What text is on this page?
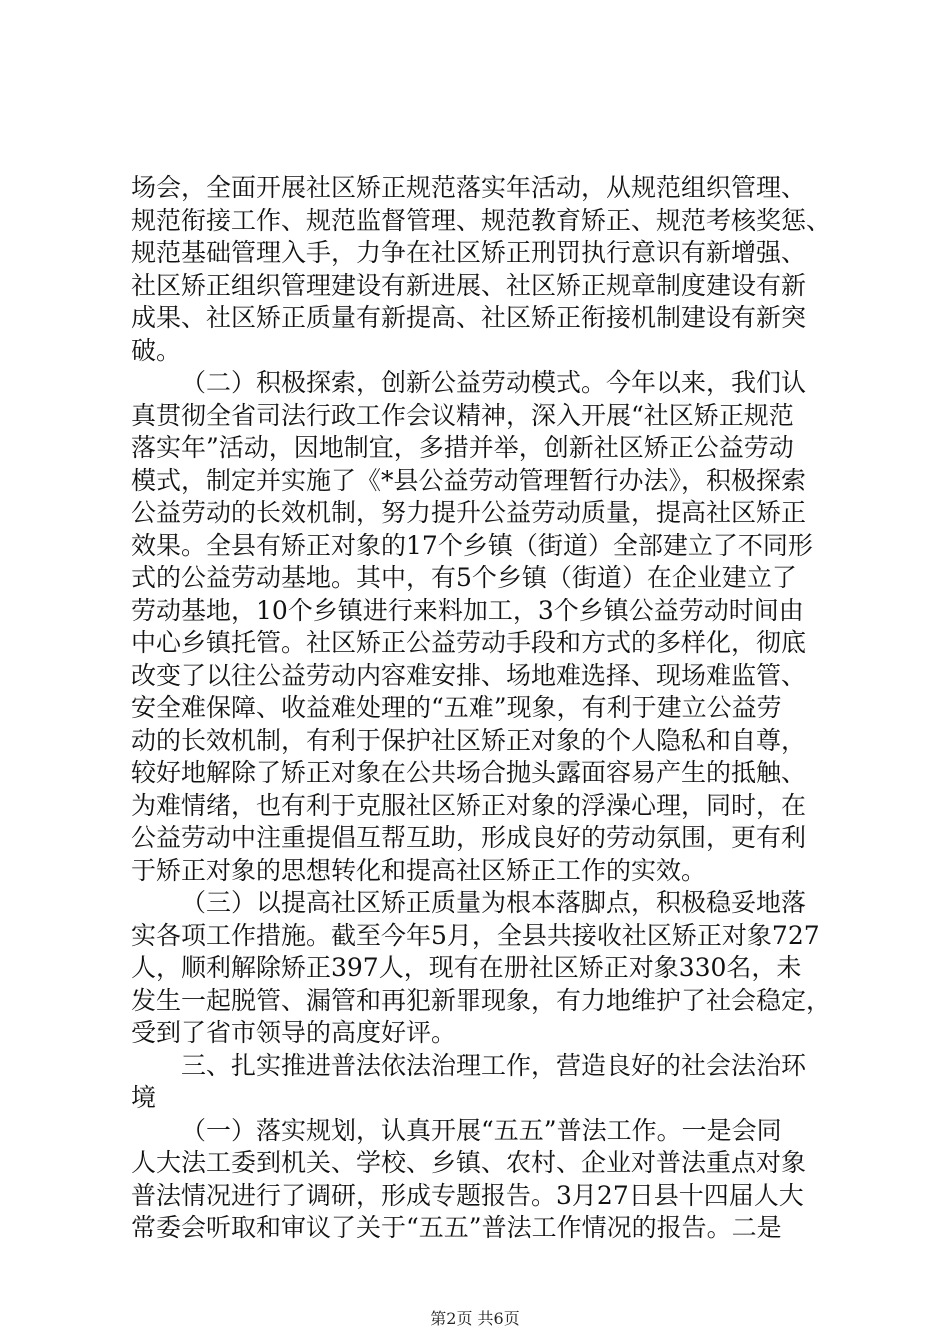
场会，全面开展社区矫正规范落实年活动，从规范组织管理、
规范衔接工作、规范监督管理、规范教育矫正、规范考核奖惩、
规范基础管理入手，力争在社区矫正刑罚执行意识有新增强、
社区矫正组织管理建设有新进展、社区矫正规章制度建设有新
成果、社区矫正质量有新提高、社区矫正衔接机制建设有新突
破。
（二）积极探索，创新公益劳动模式。今年以来，我们认
真贯彻全省司法行政工作会议精神，深入开展“社区矫正规范
落实年”活动，因地制宜，多措并举，创新社区矫正公益劳动
模式，制定并实施了《*县公益劳动管理暂行办法》，积极探索
公益劳动的长效机制，努力提升公益劳动质量，提高社区矫正
效果。全县有矫正对象的17个乡镇（街道）全部建立了不同形
式的公益劳动基地。其中，有5个乡镇（街道）在企业建立了
劳动基地，10个乡镇进行来料加工，3个乡镇公益劳动时间由
中心乡镇托管。社区矫正公益劳动手段和方式的多样化，彻底
改变了以往公益劳动内容难安排、场地难选择、现场难监管、
安全难保障、收益难处理的“五难”现象，有利于建立公益劳
动的长效机制，有利于保护社区矫正对象的个人隐私和自尊，
较好地解除了矫正对象在公共场合抛头露面容易产生的抵触、
为难情绪，也有利于克服社区矫正对象的浮澡心理，同时，在
公益劳动中注重提倡互帮互助，形成良好的劳动氛围，更有利
于矫正对象的思想转化和提高社区矫正工作的实效。
（三）以提高社区矫正质量为根本落脚点，积极稳妥地落
实各项工作措施。截至今年5月，全县共接收社区矫正对象727
人，顺利解除矫正397人，现有在册社区矫正对象330名，未
发生一起脱管、漏管和再犯新罪现象，有力地维护了社会稳定，
受到了省市领导的高度好评。
三、扎实推进普法依法治理工作，营造良好的社会法治环
境
（一）落实规划，认真开展“五五”普法工作。一是会同
人大法工委到机关、学校、乡镇、农村、企业对普法重点对象
普法情况进行了调研，形成专题报告。3月27日县十四届人大
常委会听取和审议了关于“五五”普法工作情况的报告。二是
第2页 共6页
